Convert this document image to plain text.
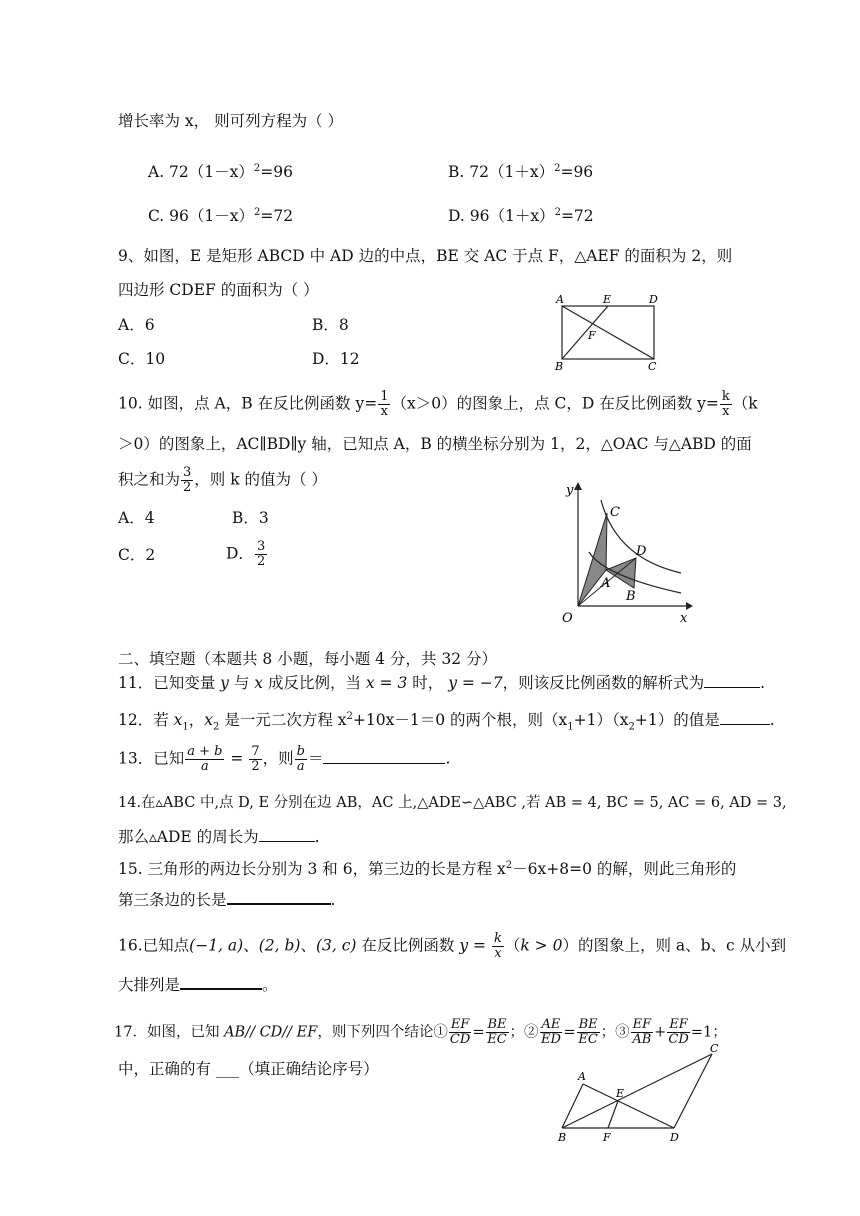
增长率为 x， 则可列方程为（ ）
A. $72(1-x)^2=96$	B. $72(1+x)^2=96$
C. $96(1-x)^2=72$	D. $96(1+x)^2=72$
9、如图，E 是矩形 ABCD 中 AD 边的中点，BE 交 AC 于点 F，△AEF 的面积为 2，则
四边形 CDEF 的面积为（ ）
A．6	B．8
C．10	D．12
A	E	D
F
B	C
10. 如图，点 A，B 在反比例函数 $y= \frac{1}{x} (x>0)$的图象上，点 C，D 在反比例函数 $y= \frac{k}{x} (k$
＞0）的图象上，AC∥BD∥y 轴，已知点 A，B 的横坐标分别为 1，2，△OAC 与△ABD 的面
积之和为 $\frac{3}{2}$ ，则 k 的值为（ ）
A．4	B．3
C．2	D． $\frac{3}{2}$
y
x
O
A
B
C
D
二、填空题（本题共 8 小题，每小题 4 分，共 32 分）
11．已知变量 y 与 x 成反比例，当 x = 3 时， y = −7，则该反比例函数的解析式为	.
12．若 $x_1$，$x_2$ 是一元二次方程 $x^2+10x-1=0$ 的两个根，则$(x_1+1)(x_2+1)$的值是	.
13．已知 $\frac{a + b}{a} = \frac{7}{2}$ ，则 $\frac{b}{a}$ ＝	.
14.在▵ABC 中,点 D, E 分别在边 AB，AC 上,△ADE∽△ABC ,若 AB = 4, BC = 5, AC = 6, AD = 3,
那么▵ADE 的周长为	.
15. 三角形的两边长分别为 3 和 6，第三边的长是方程 $x^2-6x+8=0$ 的解，则此三角形的
第三条边的长是	.
16.已知点(−1, a)、(2, b)、(3, c) 在反比例函数 $y = \frac{k}{x} (k > 0)$的图象上，则 a、b、c 从小到
大排列是	。
17．如图，已知 AB// CD// EF，则下列四个结论① $\frac{EF}{CD} = \frac{BE}{EC}$ ；② $\frac{AE}{ED} = \frac{BE}{EC}$ ；③ $\frac{EF}{AB} + \frac{EF}{CD} =1$；
中，正确的有 ___（填正确结论序号）	A
C
E
B	F	D
